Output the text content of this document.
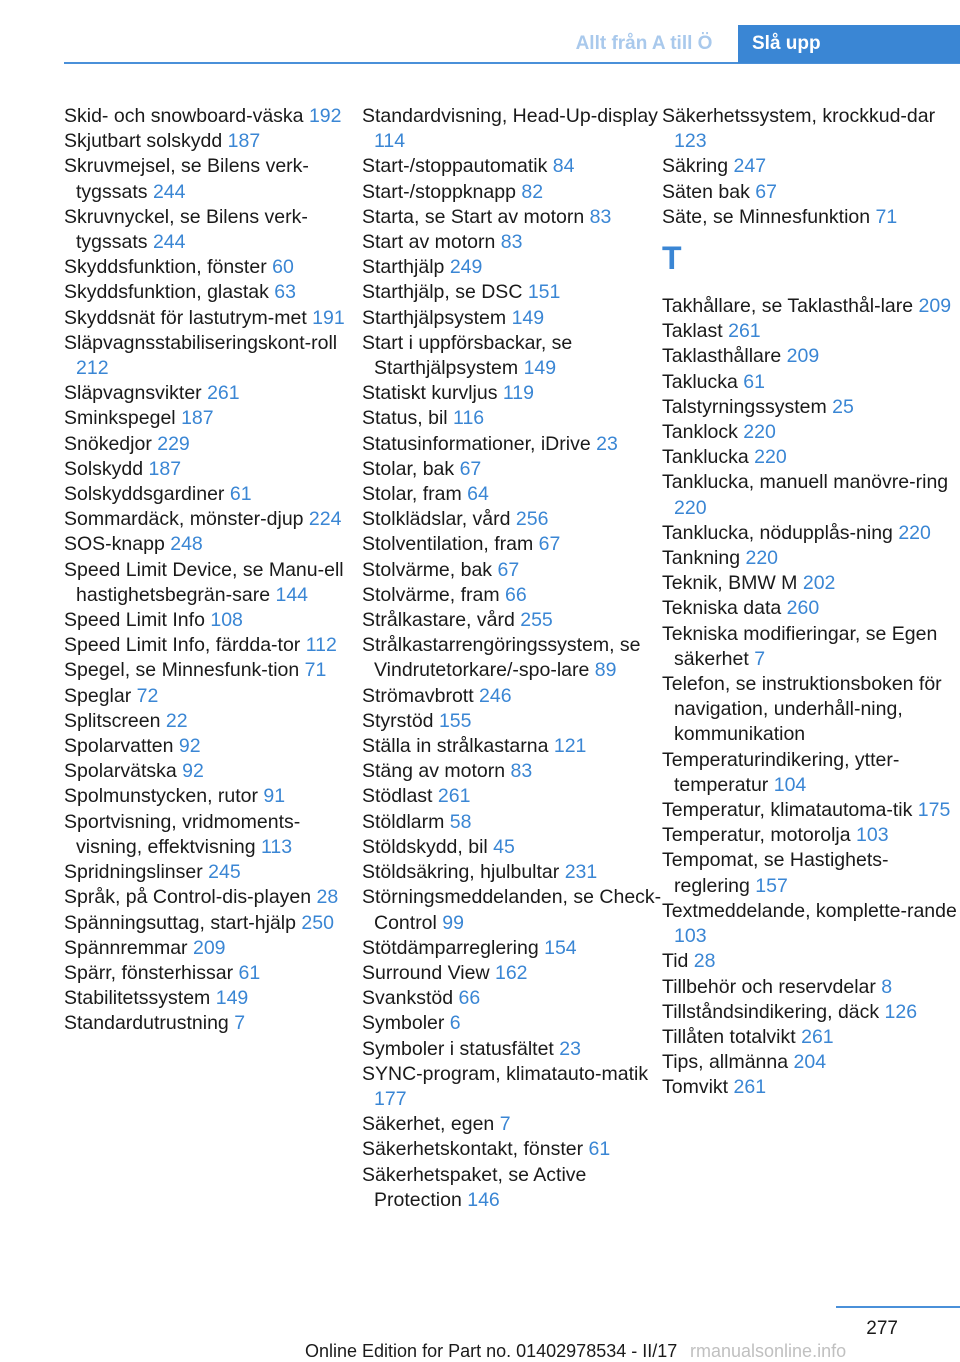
Allt från A till Ö	Slå upp
Skid- och snowboard-väska 192
Skjutbart solskydd 187
Skruvmejsel, se Bilens verk-tygssats 244
Skruvnyckel, se Bilens verk-tygssats 244
Skyddsfunktion, fönster 60
Skyddsfunktion, glastak 63
Skyddsnät för lastutrym-met 191
Släpvagnsstabiliseringskont-roll 212
Släpvagnsvikter 261
Sminkspegel 187
Snökedjor 229
Solskydd 187
Solskyddsgardiner 61
Sommardäck, mönster-djup 224
SOS-knapp 248
Speed Limit Device, se Manu-ell hastighetsbegrän-sare 144
Speed Limit Info 108
Speed Limit Info, färdda-tor 112
Spegel, se Minnesfunk-tion 71
Speglar 72
Splitscreen 22
Spolarvatten 92
Spolarvätska 92
Spolmunstycken, rutor 91
Sportvisning, vridmoments-visning, effektvisning 113
Spridningslinser 245
Språk, på Control-dis-playen 28
Spänningsuttag, start-hjälp 250
Spännremmar 209
Spärr, fönsterhissar 61
Stabilitetssystem 149
Standardutrustning 7
Standardvisning, Head-Up-display 114
Start-/stoppautomatik 84
Start-/stoppknapp 82
Starta, se Start av motorn 83
Start av motorn 83
Starthjälp 249
Starthjälp, se DSC 151
Starthjälpsystem 149
Start i uppförsbackar, se Starthjälpsystem 149
Statiskt kurvljus 119
Status, bil 116
Statusinformationer, iDrive 23
Stolar, bak 67
Stolar, fram 64
Stolklädslar, vård 256
Stolventilation, fram 67
Stolvärme, bak 67
Stolvärme, fram 66
Strålkastare, vård 255
Strålkastarrengöringssystem, se Vindrutetorkare/-spo-lare 89
Strömavbrott 246
Styrstöd 155
Ställa in strålkastarna 121
Stäng av motorn 83
Stödlast 261
Stöldlarm 58
Stöldskydd, bil 45
Stöldsäkring, hjulbultar 231
Störningsmeddelanden, se Check-Control 99
Stötdämparreglering 154
Surround View 162
Svankstöd 66
Symboler 6
Symboler i statusfältet 23
SYNC-program, klimatauto-matik 177
Säkerhet, egen 7
Säkerhetskontakt, fönster 61
Säkerhetspaket, se Active Protection 146
Säkerhetssystem, krockkud-dar 123
Säkring 247
Säten bak 67
Säte, se Minnesfunktion 71
T
Takhållare, se Taklasthål-lare 209
Taklast 261
Taklasthållare 209
Taklucka 61
Talstyrningssystem 25
Tanklock 220
Tanklucka 220
Tanklucka, manuell manövre-ring 220
Tanklucka, nödupplås-ning 220
Tankning 220
Teknik, BMW M 202
Tekniska data 260
Tekniska modifieringar, se Egen säkerhet 7
Telefon, se instruktionsboken för navigation, underhåll-ning, kommunikation
Temperaturindikering, ytter-temperatur 104
Temperatur, klimatautoma-tik 175
Temperatur, motorolja 103
Tempomat, se Hastighets-reglering 157
Textmeddelande, komplette-rande 103
Tid 28
Tillbehör och reservdelar 8
Tillståndsindikering, däck 126
Tillåten totalvikt 261
Tips, allmänna 204
Tomvikt 261
277
Online Edition for Part no. 01402978534 - II/17 rmanualsonline.info
